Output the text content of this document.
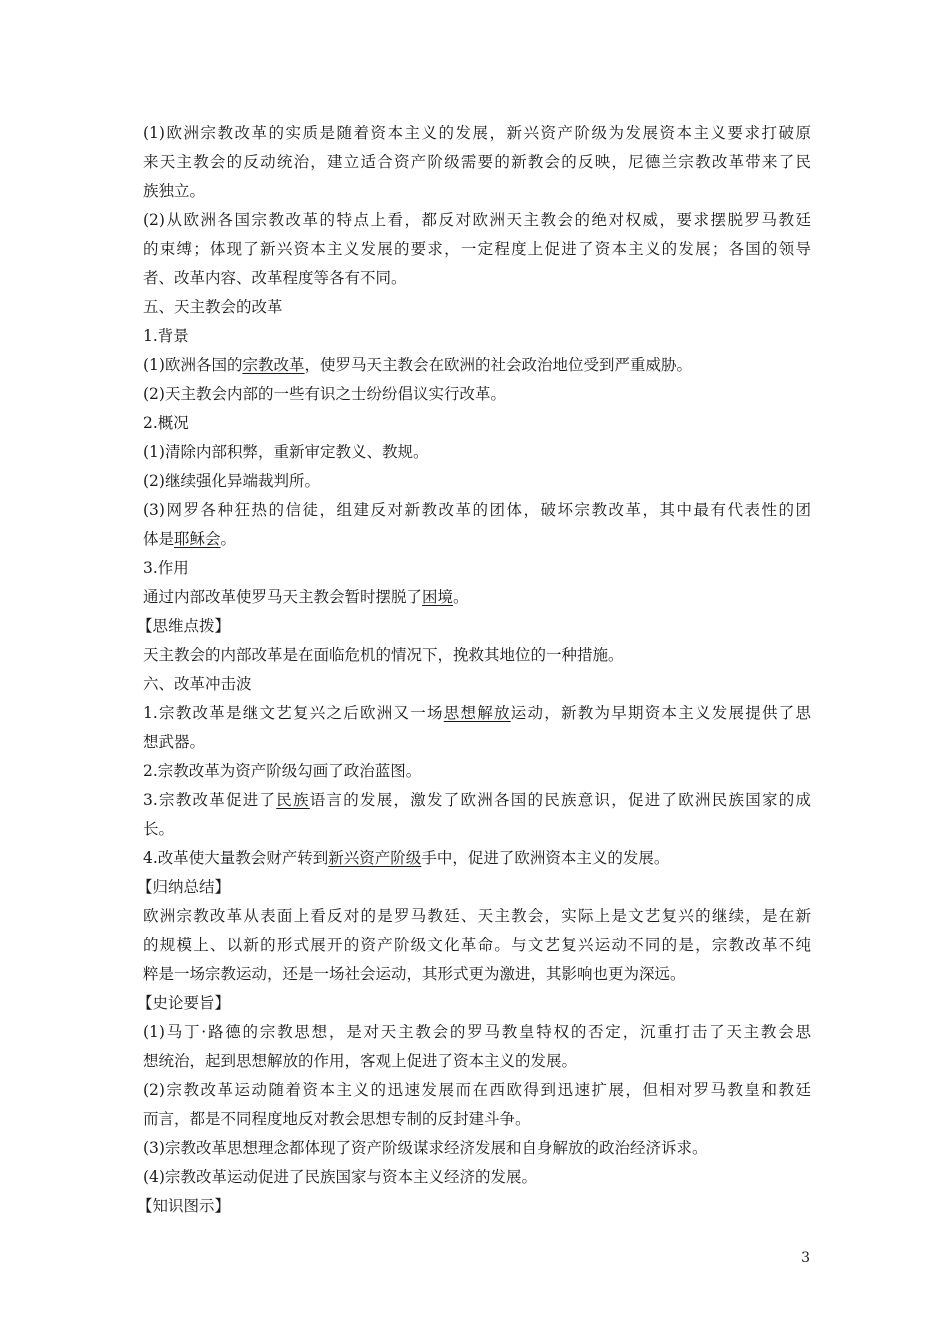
(1)欧洲宗教改革的实质是随着资本主义的发展，新兴资产阶级为发展资本主义要求打破原
来天主教会的反动统治，建立适合资产阶级需要的新教会的反映，尼德兰宗教改革带来了民
族独立。
(2)从欧洲各国宗教改革的特点上看，都反对欧洲天主教会的绝对权威，要求摆脱罗马教廷
的束缚；体现了新兴资本主义发展的要求，一定程度上促进了资本主义的发展；各国的领导
者、改革内容、改革程度等各有不同。
五、天主教会的改革
1.背景
(1)欧洲各国的宗教改革，使罗马天主教会在欧洲的社会政治地位受到严重威胁。
(2)天主教会内部的一些有识之士纷纷倡议实行改革。
2.概况
(1)清除内部积弊，重新审定教义、教规。
(2)继续强化异端裁判所。
(3)网罗各种狂热的信徒，组建反对新教改革的团体，破坏宗教改革，其中最有代表性的团
体是耶稣会。
3.作用
通过内部改革使罗马天主教会暂时摆脱了困境。
【思维点拨】
天主教会的内部改革是在面临危机的情况下，挽救其地位的一种措施。
六、改革冲击波
1.宗教改革是继文艺复兴之后欧洲又一场思想解放运动，新教为早期资本主义发展提供了思
想武器。
2.宗教改革为资产阶级勾画了政治蓝图。
3.宗教改革促进了民族语言的发展，激发了欧洲各国的民族意识，促进了欧洲民族国家的成
长。
4.改革使大量教会财产转到新兴资产阶级手中，促进了欧洲资本主义的发展。
【归纳总结】
欧洲宗教改革从表面上看反对的是罗马教廷、天主教会，实际上是文艺复兴的继续，是在新
的规模上、以新的形式展开的资产阶级文化革命。与文艺复兴运动不同的是，宗教改革不纯
粹是一场宗教运动，还是一场社会运动，其形式更为激进，其影响也更为深远。
【史论要旨】
(1)马丁·路德的宗教思想，是对天主教会的罗马教皇特权的否定，沉重打击了天主教会思
想统治，起到思想解放的作用，客观上促进了资本主义的发展。
(2)宗教改革运动随着资本主义的迅速发展而在西欧得到迅速扩展，但相对罗马教皇和教廷
而言，都是不同程度地反对教会思想专制的反封建斗争。
(3)宗教改革思想理念都体现了资产阶级谋求经济发展和自身解放的政治经济诉求。
(4)宗教改革运动促进了民族国家与资本主义经济的发展。
【知识图示】
3
